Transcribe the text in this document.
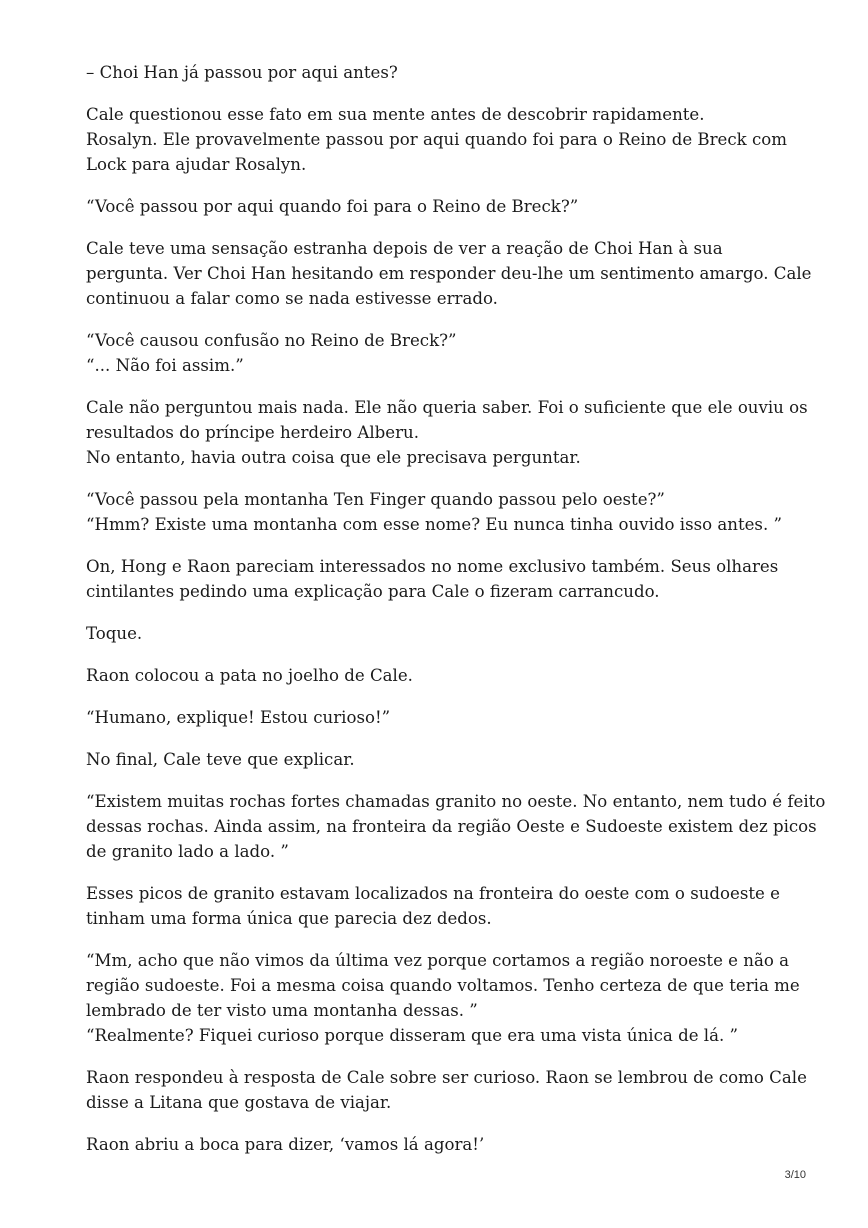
– Choi Han já passou por aqui antes?

Cale questionou esse fato em sua mente antes de descobrir rapidamente.
Rosalyn. Ele provavelmente passou por aqui quando foi para o Reino de Breck com
Lock para ajudar Rosalyn.

“Você passou por aqui quando foi para o Reino de Breck?”

Cale teve uma sensação estranha depois de ver a reação de Choi Han à sua
pergunta. Ver Choi Han hesitando em responder deu-lhe um sentimento amargo. Cale
continuou a falar como se nada estivesse errado.

“Você causou confusão no Reino de Breck?”
“... Não foi assim.”

Cale não perguntou mais nada. Ele não queria saber. Foi o suficiente que ele ouviu os
resultados do príncipe herdeiro Alberu.
No entanto, havia outra coisa que ele precisava perguntar.

“Você passou pela montanha Ten Finger quando passou pelo oeste?”
“Hmm? Existe uma montanha com esse nome? Eu nunca tinha ouvido isso antes. ”

On, Hong e Raon pareciam interessados no nome exclusivo também. Seus olhares
cintilantes pedindo uma explicação para Cale o fizeram carrancudo.

Toque.

Raon colocou a pata no joelho de Cale.

“Humano, explique! Estou curioso!”

No final, Cale teve que explicar.

“Existem muitas rochas fortes chamadas granito no oeste. No entanto, nem tudo é feito
dessas rochas. Ainda assim, na fronteira da região Oeste e Sudoeste existem dez picos
de granito lado a lado. ”

Esses picos de granito estavam localizados na fronteira do oeste com o sudoeste e
tinham uma forma única que parecia dez dedos.

“Mm, acho que não vimos da última vez porque cortamos a região noroeste e não a
região sudoeste. Foi a mesma coisa quando voltamos. Tenho certeza de que teria me
lembrado de ter visto uma montanha dessas. ”
“Realmente? Fiquei curioso porque disseram que era uma vista única de lá. ”

Raon respondeu à resposta de Cale sobre ser curioso. Raon se lembrou de como Cale
disse a Litana que gostava de viajar.

Raon abriu a boca para dizer, ‘vamos lá agora!’

3/10
